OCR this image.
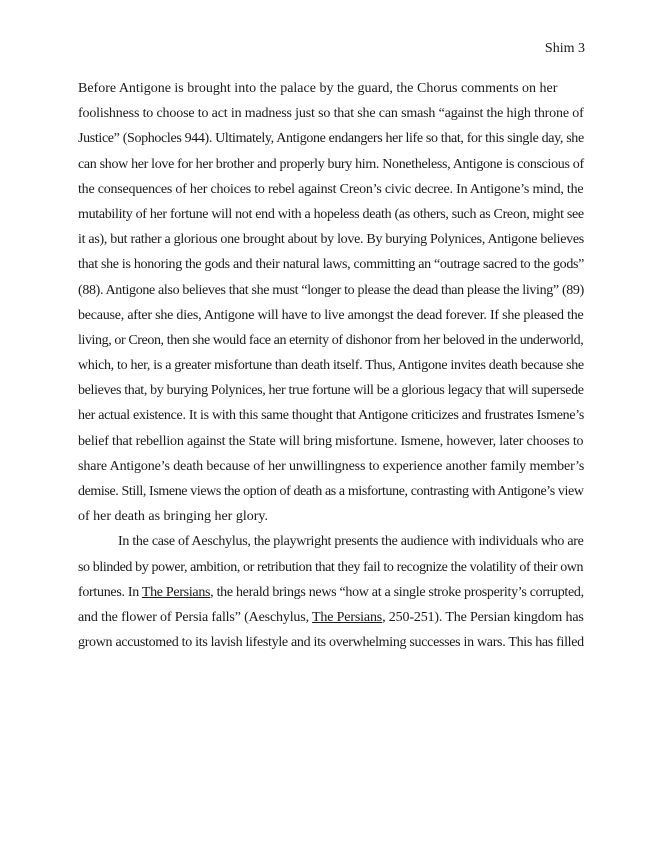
Shim 3
Before Antigone is brought into the palace by the guard, the Chorus comments on her
foolishness to choose to act in madness just so that she can smash “against the high throne of
Justice” (Sophocles 944). Ultimately, Antigone endangers her life so that, for this single day, she
can show her love for her brother and properly bury him. Nonetheless, Antigone is conscious of
the consequences of her choices to rebel against Creon’s civic decree. In Antigone’s mind, the
mutability of her fortune will not end with a hopeless death (as others, such as Creon, might see
it as), but rather a glorious one brought about by love. By burying Polynices, Antigone believes
that she is honoring the gods and their natural laws, committing an “outrage sacred to the gods”
(88). Antigone also believes that she must “longer to please the dead than please the living” (89)
because, after she dies, Antigone will have to live amongst the dead forever. If she pleased the
living, or Creon, then she would face an eternity of dishonor from her beloved in the underworld,
which, to her, is a greater misfortune than death itself. Thus, Antigone invites death because she
believes that, by burying Polynices, her true fortune will be a glorious legacy that will supersede
her actual existence. It is with this same thought that Antigone criticizes and frustrates Ismene’s
belief that rebellion against the State will bring misfortune. Ismene, however, later chooses to
share Antigone’s death because of her unwillingness to experience another family member’s
demise. Still, Ismene views the option of death as a misfortune, contrasting with Antigone’s view
of her death as bringing her glory.
In the case of Aeschylus, the playwright presents the audience with individuals who are
so blinded by power, ambition, or retribution that they fail to recognize the volatility of their own
fortunes. In The Persians, the herald brings news “how at a single stroke prosperity’s corrupted,
and the flower of Persia falls” (Aeschylus, The Persians, 250-251). The Persian kingdom has
grown accustomed to its lavish lifestyle and its overwhelming successes in wars. This has filled
